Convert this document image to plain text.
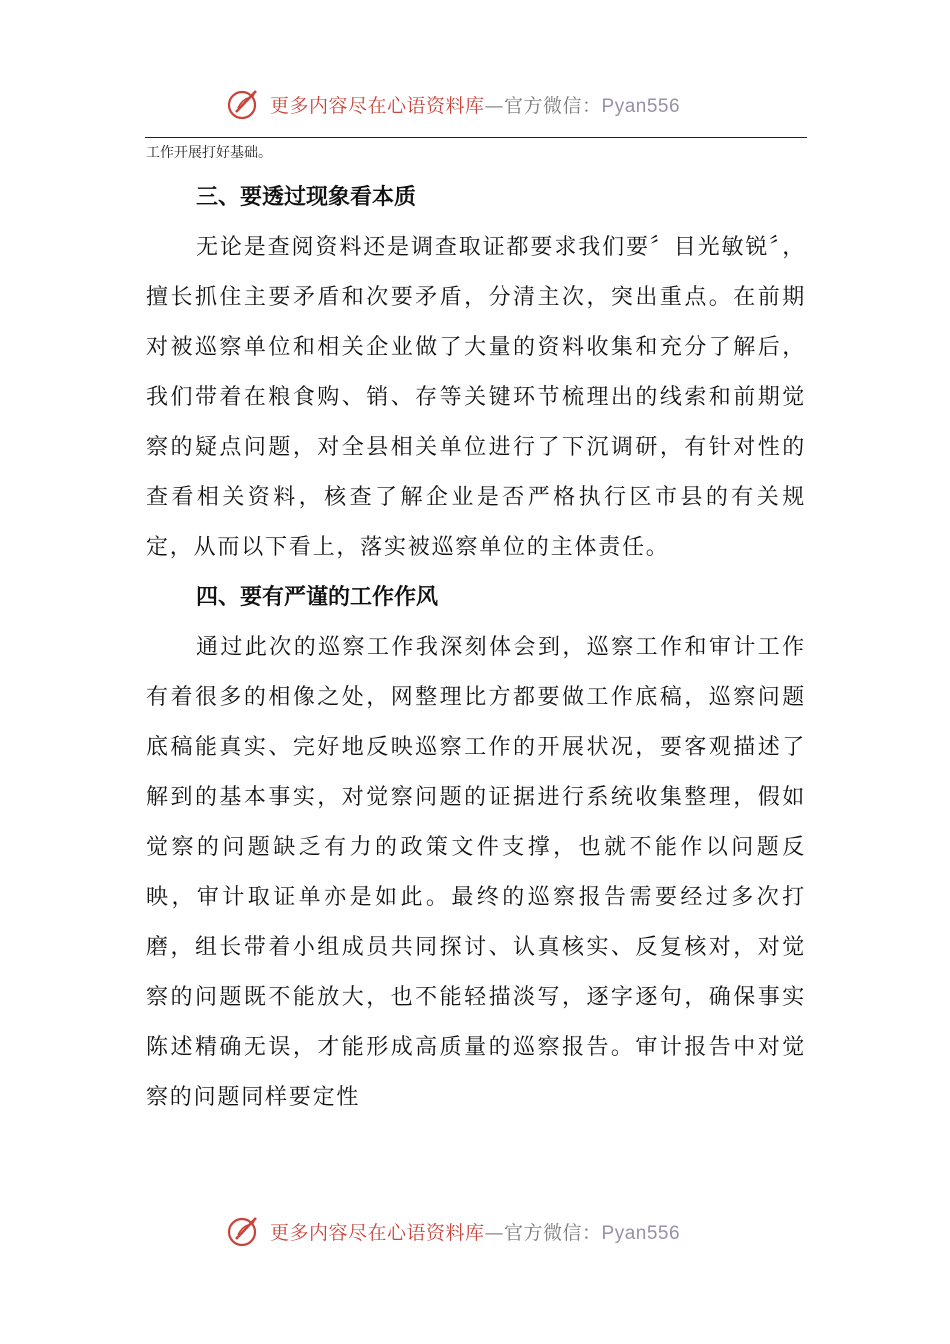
更多内容尽在心语资料库—官方微信：Pyan556

工作开展打好基础。

三、要透过现象看本质

无论是查阅资料还是调查取证都要求我们要〞目光敏锐〞，擅长抓住主要矛盾和次要矛盾，分清主次，突出重点。在前期对被巡察单位和相关企业做了大量的资料收集和充分了解后，我们带着在粮食购、销、存等关键环节梳理出的线索和前期觉察的疑点问题，对全县相关单位进行了下沉调研，有针对性的查看相关资料，核查了解企业是否严格执行区市县的有关规定，从而以下看上，落实被巡察单位的主体责任。

四、要有严谨的工作作风

通过此次的巡察工作我深刻体会到，巡察工作和审计工作有着很多的相像之处，网整理比方都要做工作底稿，巡察问题底稿能真实、完好地反映巡察工作的开展状况，要客观描述了解到的基本事实，对觉察问题的证据进行系统收集整理，假如觉察的问题缺乏有力的政策文件支撑，也就不能作以问题反映，审计取证单亦是如此。最终的巡察报告需要经过多次打磨，组长带着小组成员共同探讨、认真核实、反复核对，对觉察的问题既不能放大，也不能轻描淡写，逐字逐句，确保事实陈述精确无误，才能形成高质量的巡察报告。审计报告中对觉察的问题同样要定性

更多内容尽在心语资料库—官方微信：Pyan556
